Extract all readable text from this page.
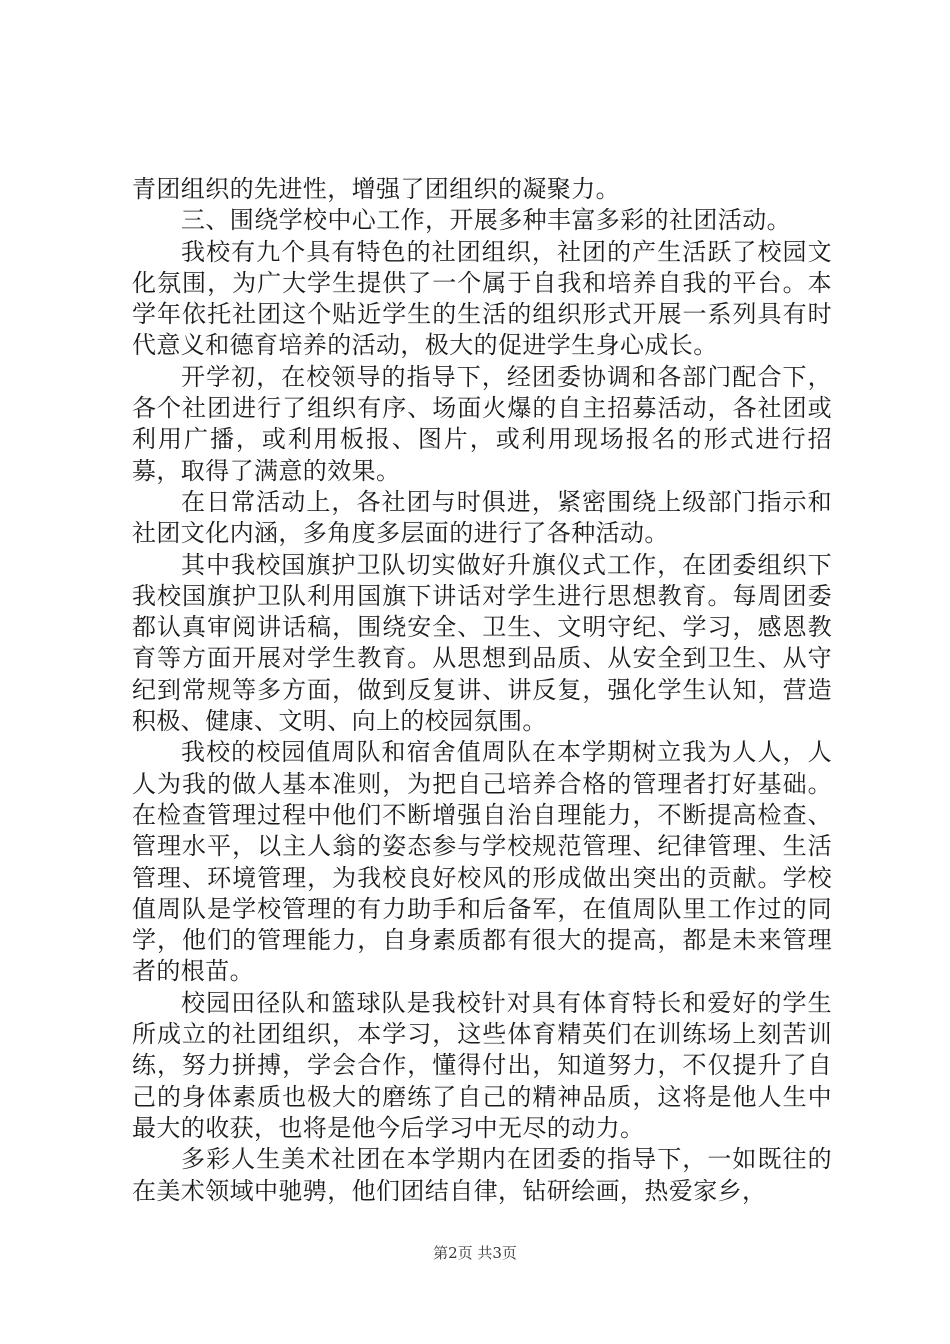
青团组织的先进性，增强了团组织的凝聚力。

三、围绕学校中心工作，开展多种丰富多彩的社团活动。

我校有九个具有特色的社团组织，社团的产生活跃了校园文化氛围，为广大学生提供了一个属于自我和培养自我的平台。本学年依托社团这个贴近学生的生活的组织形式开展一系列具有时代意义和德育培养的活动，极大的促进学生身心成长。

开学初，在校领导的指导下，经团委协调和各部门配合下，各个社团进行了组织有序、场面火爆的自主招募活动，各社团或利用广播，或利用板报、图片，或利用现场报名的形式进行招募，取得了满意的效果。

在日常活动上，各社团与时俱进，紧密围绕上级部门指示和社团文化内涵，多角度多层面的进行了各种活动。

其中我校国旗护卫队切实做好升旗仪式工作，在团委组织下我校国旗护卫队利用国旗下讲话对学生进行思想教育。每周团委都认真审阅讲话稿，围绕安全、卫生、文明守纪、学习，感恩教育等方面开展对学生教育。从思想到品质、从安全到卫生、从守纪到常规等多方面，做到反复讲、讲反复，强化学生认知，营造积极、健康、文明、向上的校园氛围。

我校的校园值周队和宿舍值周队在本学期树立我为人人，人人为我的做人基本准则，为把自己培养合格的管理者打好基础。在检查管理过程中他们不断增强自治自理能力，不断提高检查、管理水平，以主人翁的姿态参与学校规范管理、纪律管理、生活管理、环境管理，为我校良好校风的形成做出突出的贡献。学校值周队是学校管理的有力助手和后备军，在值周队里工作过的同学，他们的管理能力，自身素质都有很大的提高，都是未来管理者的根苗。

校园田径队和篮球队是我校针对具有体育特长和爱好的学生所成立的社团组织，本学习，这些体育精英们在训练场上刻苦训练，努力拼搏，学会合作，懂得付出，知道努力，不仅提升了自己的身体素质也极大的磨练了自己的精神品质，这将是他人生中最大的收获，也将是他今后学习中无尽的动力。

多彩人生美术社团在本学期内在团委的指导下，一如既往的在美术领域中驰骋，他们团结自律，钻研绘画，热爱家乡，

第2页 共3页
